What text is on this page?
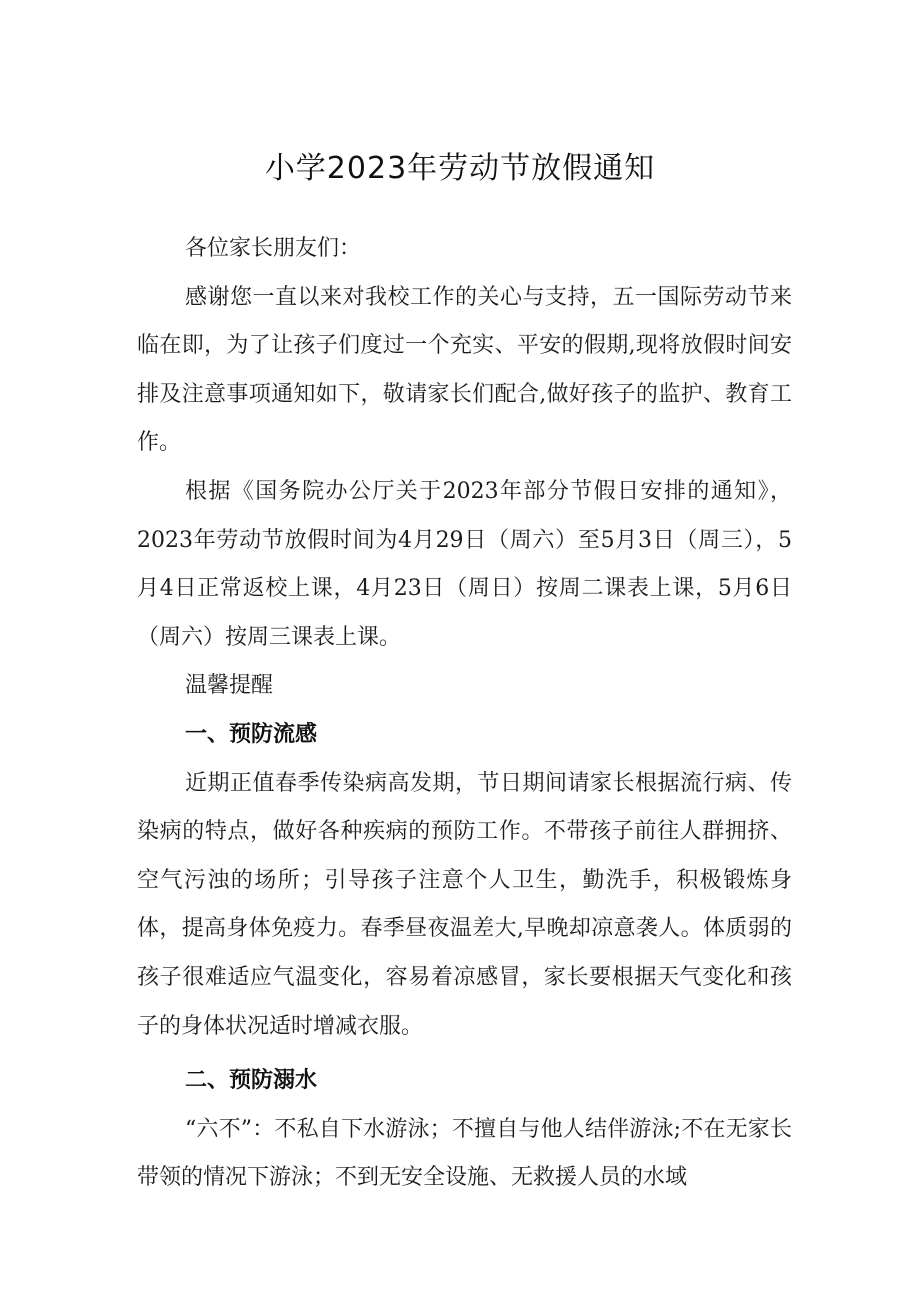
小学2023年劳动节放假通知

各位家长朋友们：

感谢您一直以来对我校工作的关心与支持，五一国际劳动节来临在即，为了让孩子们度过一个充实、平安的假期,现将放假时间安排及注意事项通知如下，敬请家长们配合,做好孩子的监护、教育工作。

根据《国务院办公厅关于2023年部分节假日安排的通知》，2023年劳动节放假时间为4月29日（周六）至5月3日（周三），5月4日正常返校上课，4月23日（周日）按周二课表上课，5月6日（周六）按周三课表上课。

温馨提醒

一、预防流感

近期正值春季传染病高发期，节日期间请家长根据流行病、传染病的特点，做好各种疾病的预防工作。不带孩子前往人群拥挤、空气污浊的场所；引导孩子注意个人卫生，勤洗手，积极锻炼身体，提高身体免疫力。春季昼夜温差大,早晚却凉意袭人。体质弱的孩子很难适应气温变化，容易着凉感冒，家长要根据天气变化和孩子的身体状况适时增减衣服。

二、预防溺水

“六不”：不私自下水游泳；不擅自与他人结伴游泳;不在无家长带领的情况下游泳；不到无安全设施、无救援人员的水域
